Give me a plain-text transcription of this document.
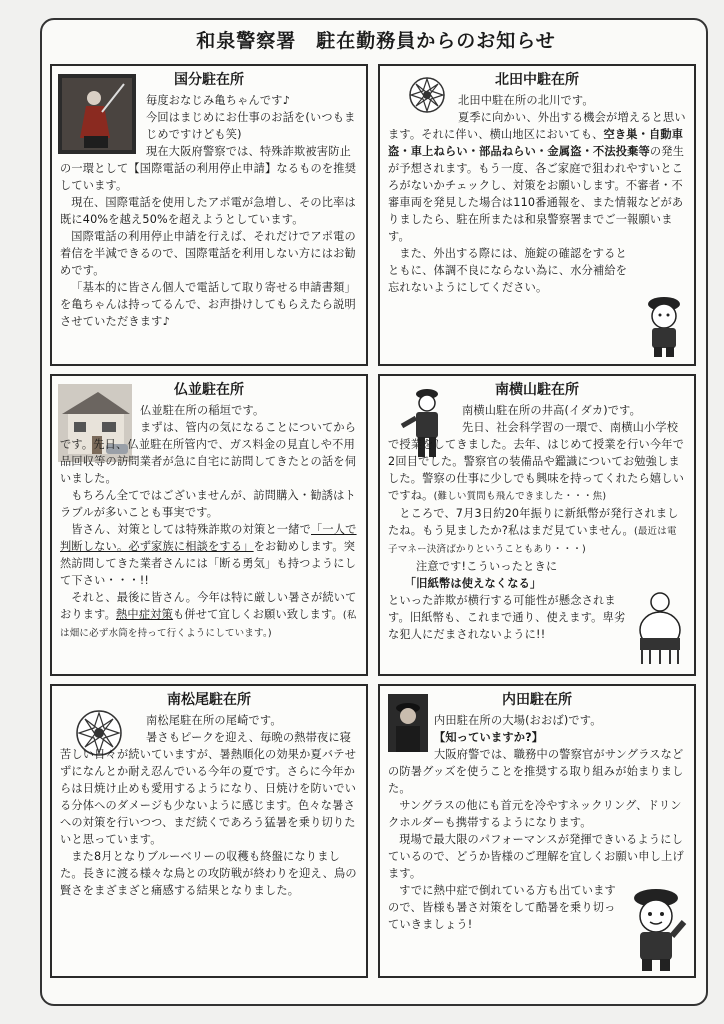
和泉警察署　駐在勤務員からのお知らせ
国分駐在所

毎度おなじみ亀ちゃんです♪

今回はまじめにお仕事のお話を(いつもまじめですけども笑)

現在大阪府警察では、特殊詐欺被害防止の一環として【国際電話の利用停止申請】なるものを推奨しています。

現在、国際電話を使用したアポ電が急増し、その比率は既に40%を越え50%を超えようとしています。

国際電話の利用停止申請を行えば、それだけでアポ電の着信を半減できるので、国際電話を利用しない方にはお勧めです。

「基本的に皆さん個人で電話して取り寄せる申請書類」を亀ちゃんは持ってるんで、お声掛けしてもらえたら説明させていただきます♪

北田中駐在所

北田中駐在所の北川です。

夏季に向かい、外出する機会が増えると思います。それに伴い、横山地区においても、空き巣・自動車盗・車上ねらい・部品ねらい・金属盗・不法投棄等の発生が予想されます。もう一度、各ご家庭で狙われやすいところがないかチェックし、対策をお願いします。不審者・不審車両を発見した場合は110番通報を、また情報などがありましたら、駐在所または和泉警察署までご一報願います。

また、外出する際には、施錠の確認をするとともに、体調不良にならない為に、水分補給を忘れないようにしてください。

仏並駐在所

仏並駐在所の稲垣です。

まずは、管内の気になることについてからです。先日、仏並駐在所管内で、ガス料金の見直しや不用品回収等の訪問業者が急に自宅に訪問してきたとの話を伺いました。

もちろん全てではございませんが、訪問購入・勧誘はトラブルが多いことも事実です。

皆さん、対策としては特殊詐欺の対策と一緒で「一人で判断しない。必ず家族に相談をする」をお勧めします。突然訪問してきた業者さんには「断る勇気」も持つようにして下さい・・・!!

それと、最後に皆さん。今年は特に厳しい暑さが続いております。熱中症対策も併せて宜しくお願い致します。(私は畑に必ず水筒を持って行くようにしています。)

南横山駐在所

南横山駐在所の井高(イダカ)です。

先日、社会科学習の一環で、南横山小学校で授業をしてきました。去年、はじめて授業を行い今年で2回目でした。警察官の装備品や鑑識についてお勉強しました。警察の仕事に少しでも興味を持ってくれたら嬉しいですね。(難しい質問も飛んできました・・・焦)

ところで、7月3日約20年振りに新紙幣が発行されましたね。もう見ましたか?私はまだ見ていません。(最近は電子マネー決済ばかりということもあり・・・)

注意です!こういったときに

「旧紙幣は使えなくなる」

といった詐欺が横行する可能性が懸念されます。旧紙幣も、これまで通り、使えます。卑劣な犯人にだまされないように!!

南松尾駐在所

南松尾駐在所の尾崎です。

暑さもピークを迎え、毎晩の熱帯夜に寝苦しい日々が続いていますが、暑熱順化の効果か夏バテせずになんとか耐え忍んでいる今年の夏です。さらに今年からは日焼け止めも愛用するようになり、日焼けを防いでいる分体へのダメージも少ないように感じます。色々な暑さへの対策を行いつつ、まだ続くであろう猛暑を乗り切りたいと思っています。

また8月となりブルーベリーの収穫も終盤になりました。長きに渡る様々な鳥との攻防戦が終わりを迎え、鳥の賢さをまざまざと痛感する結果となりました。

内田駐在所

内田駐在所の大場(おおば)です。

【知っていますか?】

大阪府警では、職務中の警察官がサングラスなどの防暑グッズを使うことを推奨する取り組みが始まりました。

サングラスの他にも首元を冷やすネックリング、ドリンクホルダーも携帯するようになります。

現場で最大限のパフォーマンスが発揮できいるようにしているので、どうか皆様のご理解を宜しくお願い申し上げます。

すでに熱中症で倒れている方も出ていますので、皆様も暑さ対策をして酷暑を乗り切っていきましょう!
